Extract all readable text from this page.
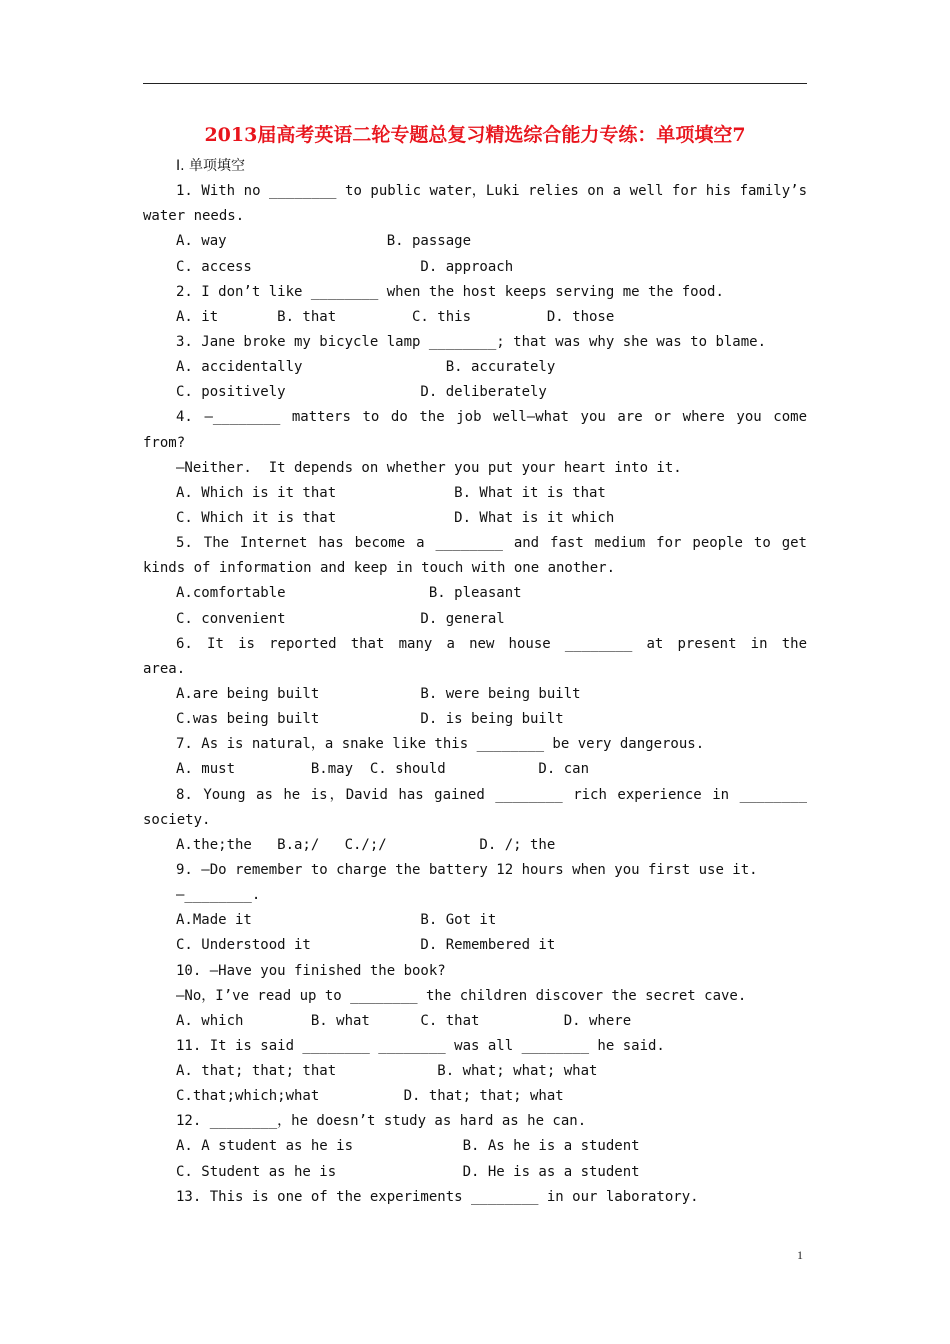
2013届高考英语二轮专题总复习精选综合能力专练：单项填空7
Ⅰ. 单项填空
1. With no ________ to public water，Luki relies on a well for his family’s
water needs.
A. way                   B. passage
C. access                    D. approach
2. I don’t like ________ when the host keeps serving me the food.
A. it       B. that         C. this         D. those
3. Jane broke my bicycle lamp ________; that was why she was to blame.
A. accidentally                 B. accurately
C. positively                D. deliberately
4. —________ matters to do the job well—what you are or where you come
from?
—Neither.  It depends on whether you put your heart into it.
A. Which is it that              B. What it is that
C. Which it is that              D. What is it which
5. The Internet has become a ________ and fast medium for people to get
kinds of information and keep in touch with one another.
A.comfortable                 B. pleasant
C. convenient                D. general
6. It is reported that many a new house ________ at present in the
area.
A.are being built            B. were being built
C.was being built            D. is being built
7. As is natural，a snake like this ________ be very dangerous.
A. must         B.may  C. should           D. can
8. Young as he is，David has gained ________ rich experience in ________
society.
A.the;the   B.a;/   C./;/           D. /; the
9. —Do remember to charge the battery 12 hours when you first use it.
—________.
A.Made it                    B. Got it
C. Understood it             D. Remembered it
10. —Have you finished the book?
—No，I’ve read up to ________ the children discover the secret cave.
A. which        B. what      C. that          D. where
11. It is said ________ ________ was all ________ he said.
A. that; that; that            B. what; what; what
C.that;which;what          D. that; that; what
12. ________，he doesn’t study as hard as he can.
A. A student as he is             B. As he is a student
C. Student as he is               D. He is as a student
13. This is one of the experiments ________ in our laboratory.
1
